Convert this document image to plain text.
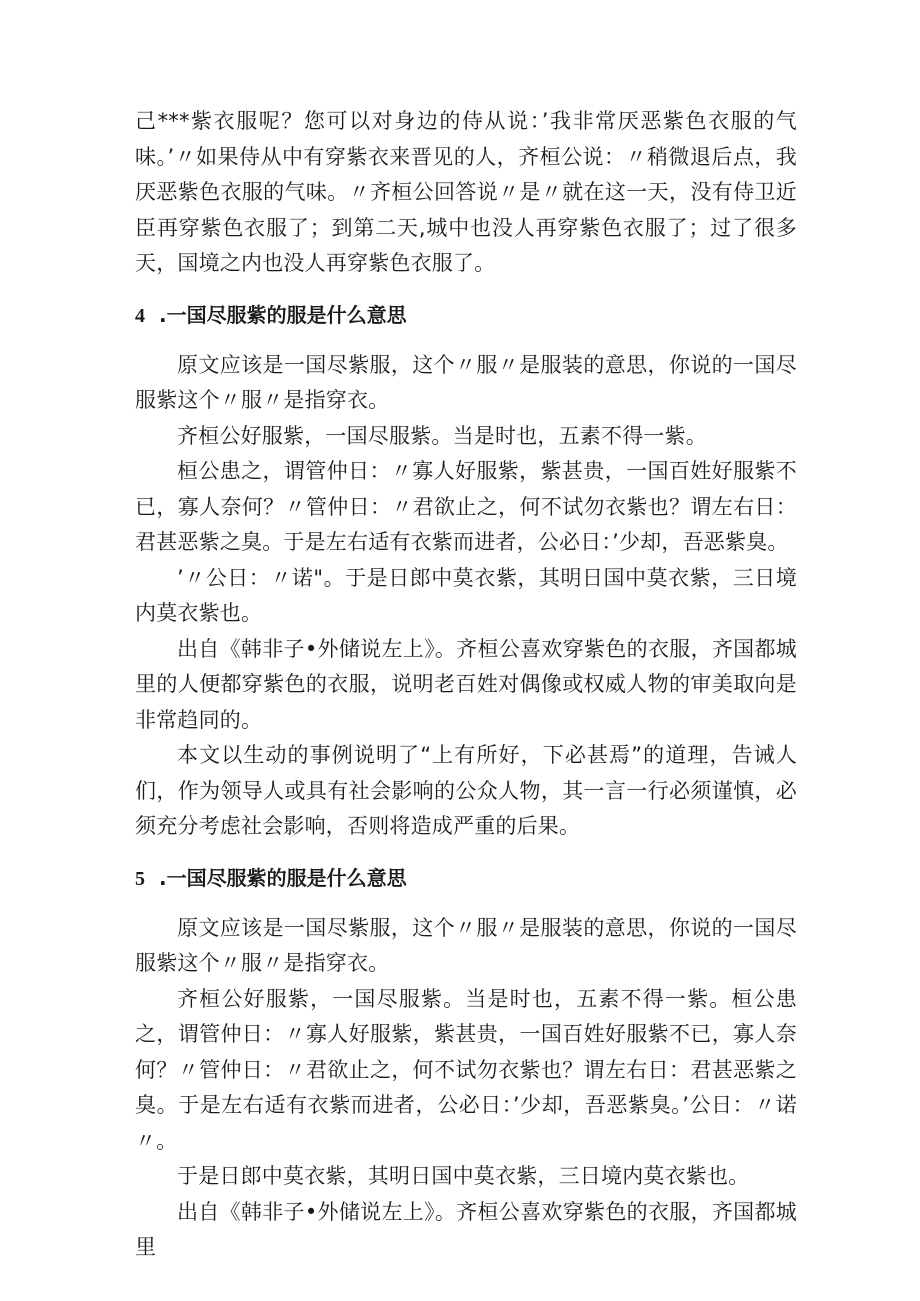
己***紫衣服呢？您可以对身边的侍从说：’我非常厌恶紫色衣服的气味。’〃如果侍从中有穿紫衣来晋见的人，齐桓公说：〃稍微退后点，我厌恶紫色衣服的气味。〃齐桓公回答说〃是〃就在这一天，没有侍卫近臣再穿紫色衣服了；到第二天,城中也没人再穿紫色衣服了；过了很多天，国境之内也没人再穿紫色衣服了。

4 .一国尽服紫的服是什么意思

原文应该是一国尽紫服，这个〃服〃是服装的意思，你说的一国尽服紫这个〃服〃是指穿衣。

齐桓公好服紫，一国尽服紫。当是时也，五素不得一紫。

桓公患之，谓管仲日：〃寡人好服紫，紫甚贵，一国百姓好服紫不已，寡人奈何？〃管仲日：〃君欲止之，何不试勿衣紫也？谓左右日：君甚恶紫之臭。于是左右适有衣紫而进者，公必日：’少却，吾恶紫臭。

’〃公日：〃诺"。于是日郎中莫衣紫，其明日国中莫衣紫，三日境内莫衣紫也。

出自《韩非子•外储说左上》。齐桓公喜欢穿紫色的衣服，齐国都城里的人便都穿紫色的衣服，说明老百姓对偶像或权威人物的审美取向是非常趋同的。

本文以生动的事例说明了“上有所好，下必甚焉”的道理，告诫人们，作为领导人或具有社会影响的公众人物，其一言一行必须谨慎，必须充分考虑社会影响，否则将造成严重的后果。

5 .一国尽服紫的服是什么意思

原文应该是一国尽紫服，这个〃服〃是服装的意思，你说的一国尽服紫这个〃服〃是指穿衣。

齐桓公好服紫，一国尽服紫。当是时也，五素不得一紫。桓公患之，谓管仲日：〃寡人好服紫，紫甚贵，一国百姓好服紫不已，寡人奈何？〃管仲日：〃君欲止之，何不试勿衣紫也？谓左右日：君甚恶紫之臭。于是左右适有衣紫而进者，公必日：’少却，吾恶紫臭。’公日：〃诺〃。

于是日郎中莫衣紫，其明日国中莫衣紫，三日境内莫衣紫也。

出自《韩非子•外储说左上》。齐桓公喜欢穿紫色的衣服，齐国都城里
